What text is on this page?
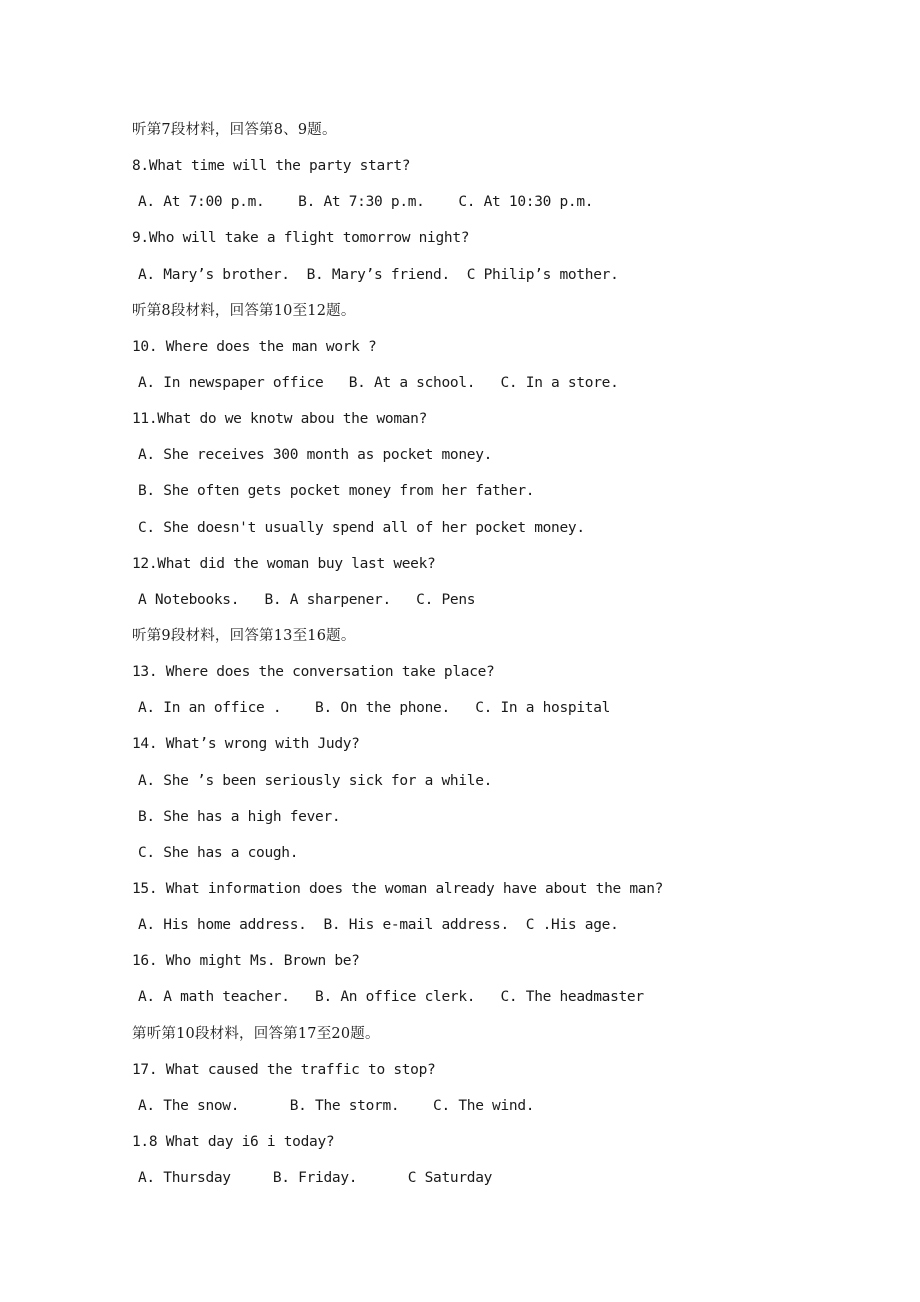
听第7段材料，回答第8、9题。
8.What time will the party start?
A. At 7:00 p.m.    B. At 7:30 p.m.    C. At 10:30 p.m.
9.Who will take a flight tomorrow night?
A. Mary’s brother.  B. Mary’s friend.  C Philip’s mother.
听第8段材料，回答第10至12题。
10. Where does the man work ?
A. In newspaper office   B. At a school.   C. In a store.
11.What do we knotw abou the woman?
A. She receives 300 month as pocket money.
B. She often gets pocket money from her father.
C. She doesn't usually spend all of her pocket money.
12.What did the woman buy last week?
A Notebooks.   B. A sharpener.   C. Pens
听第9段材料，回答第13至16题。
13. Where does the conversation take place?
A. In an office .    B. On the phone.   C. In a hospital
14. What’s wrong with Judy?
A. She ’s been seriously sick for a while.
B. She has a high fever.
C. She has a cough.
15. What information does the woman already have about the man?
A. His home address.  B. His e-mail address.  C .His age.
16. Who might Ms. Brown be?
A. A math teacher.   B. An office clerk.   C. The headmaster
第听第10段材料，回答第17至20题。
17. What caused the traffic to stop?
A. The snow.      B. The storm.    C. The wind.
1.8 What day i6 i today?
A. Thursday     B. Friday.      C Saturday
